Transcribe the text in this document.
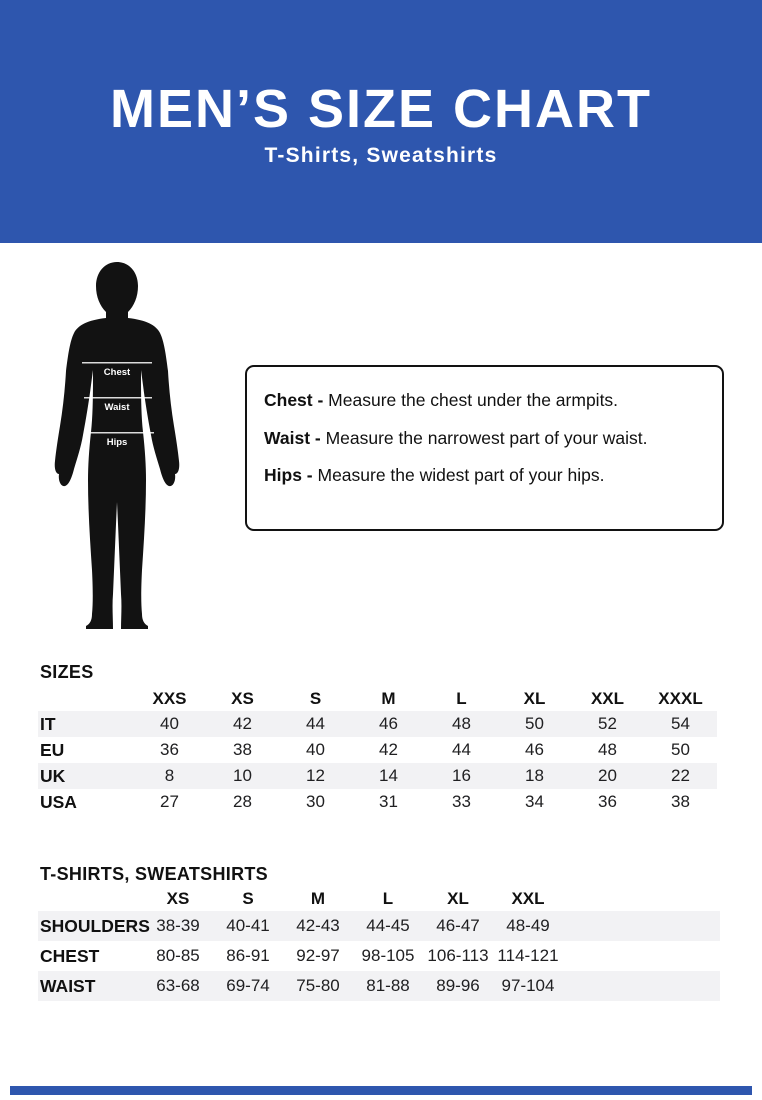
MEN’S SIZE CHART
T-Shirts, Sweatshirts
Chest
Waist
Hips
Chest - Measure the chest under the armpits.
Waist - Measure the narrowest part of your waist.
Hips - Measure the widest part of your hips.
SIZES
XXS	XS	S	M	L	XL	XXL	XXXL
IT	40	42	44	46	48	50	52	54
EU	36	38	40	42	44	46	48	50
UK	8	10	12	14	16	18	20	22
USA	27	28	30	31	33	34	36	38
T-SHIRTS, SWEATSHIRTS
XS	S	M	L	XL	XXL
SHOULDERS 38-39	40-41	42-43	44-45	46-47	48-49
CHEST	80-85	86-91	92-97	98-105 106-113 114-121
WAIST	63-68	69-74	75-80	81-88	89-96	97-104
